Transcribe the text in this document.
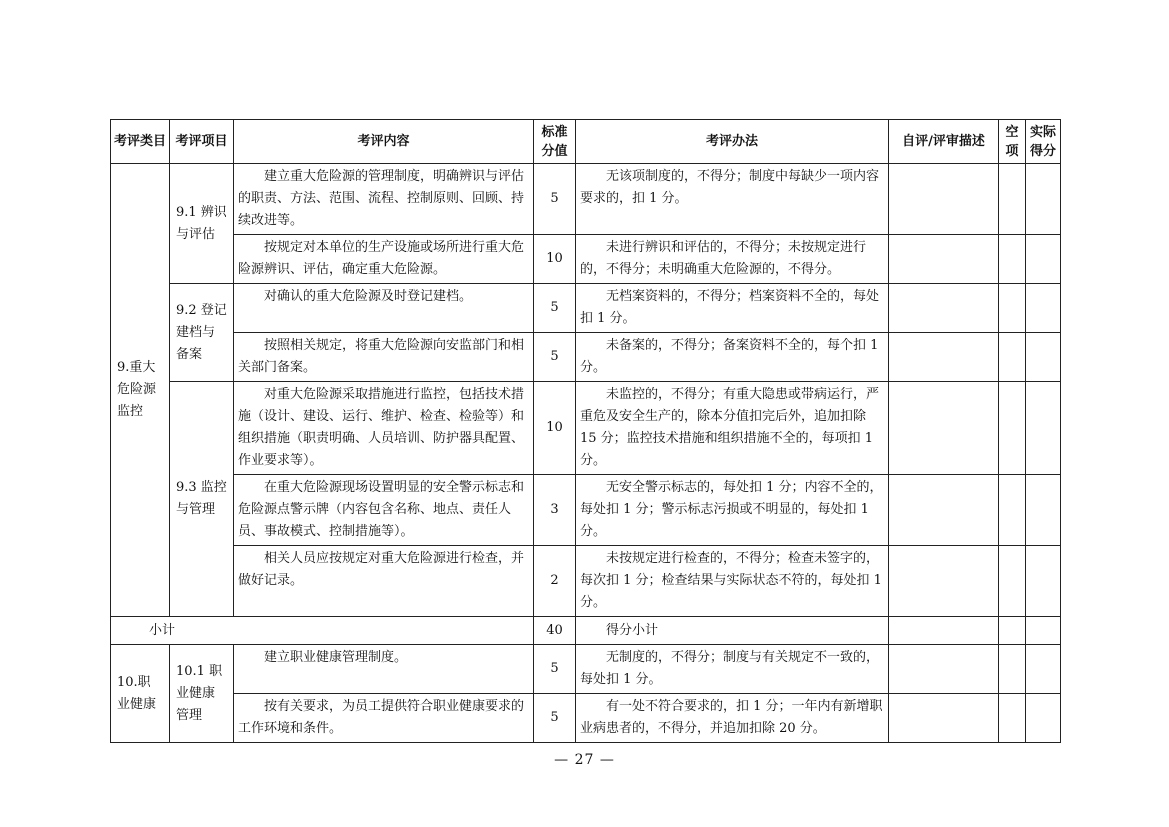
考评类目	考评项目	考评内容	标准分值	考评办法	自评/评审描述	空项	实际得分
9.重大危险源监控	9.1 辨识与评估	建立重大危险源的管理制度，明确辨识与评估的职责、方法、范围、流程、控制原则、回顾、持续改进等。	5	无该项制度的，不得分；制度中每缺少一项内容要求的，扣 1 分。			
		按规定对本单位的生产设施或场所进行重大危险源辨识、评估，确定重大危险源。	10	未进行辨识和评估的，不得分；未按规定进行的，不得分；未明确重大危险源的，不得分。			
	9.2 登记建档与备案	对确认的重大危险源及时登记建档。	5	无档案资料的，不得分；档案资料不全的，每处扣 1 分。			
		按照相关规定，将重大危险源向安监部门和相关部门备案。	5	未备案的，不得分；备案资料不全的，每个扣 1 分。			
	9.3 监控与管理	对重大危险源采取措施进行监控，包括技术措施（设计、建设、运行、维护、检查、检验等）和组织措施（职责明确、人员培训、防护器具配置、作业要求等）。	10	未监控的，不得分；有重大隐患或带病运行，严重危及安全生产的，除本分值扣完后外，追加扣除 15 分；监控技术措施和组织措施不全的，每项扣 1 分。			
		在重大危险源现场设置明显的安全警示标志和危险源点警示牌（内容包含名称、地点、责任人员、事故模式、控制措施等）。	3	无安全警示标志的，每处扣 1 分；内容不全的，每处扣 1 分；警示标志污损或不明显的，每处扣 1 分。			
		相关人员应按规定对重大危险源进行检查，并做好记录。	2	未按规定进行检查的，不得分；检查未签字的，每次扣 1 分；检查结果与实际状态不符的，每处扣 1 分。			
小计			40	得分小计			
10.职业健康	10.1 职业健康管理	建立职业健康管理制度。	5	无制度的，不得分；制度与有关规定不一致的，每处扣 1 分。			
		按有关要求，为员工提供符合职业健康要求的工作环境和条件。	5	有一处不符合要求的，扣 1 分；一年内有新增职业病患者的，不得分，并追加扣除 20 分。			
— 27 —
